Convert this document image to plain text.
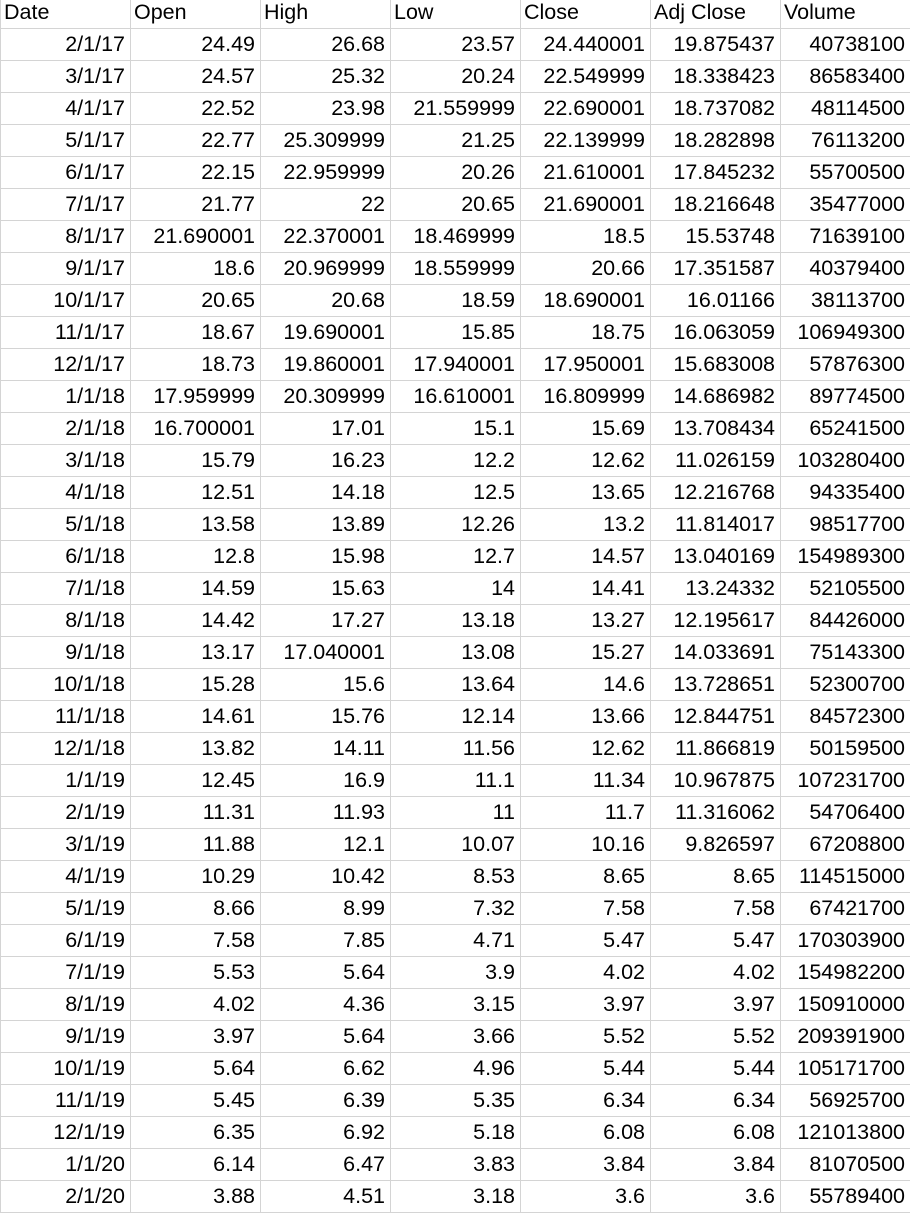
Date	Open	High	Low	Close	Adj Close	Volume
2/1/17	24.49	26.68	23.57	24.440001	19.875437	40738100
3/1/17	24.57	25.32	20.24	22.549999	18.338423	86583400
4/1/17	22.52	23.98	21.559999	22.690001	18.737082	48114500
5/1/17	22.77	25.309999	21.25	22.139999	18.282898	76113200
6/1/17	22.15	22.959999	20.26	21.610001	17.845232	55700500
7/1/17	21.77	22	20.65	21.690001	18.216648	35477000
8/1/17	21.690001	22.370001	18.469999	18.5	15.53748	71639100
9/1/17	18.6	20.969999	18.559999	20.66	17.351587	40379400
10/1/17	20.65	20.68	18.59	18.690001	16.01166	38113700
11/1/17	18.67	19.690001	15.85	18.75	16.063059	106949300
12/1/17	18.73	19.860001	17.940001	17.950001	15.683008	57876300
1/1/18	17.959999	20.309999	16.610001	16.809999	14.686982	89774500
2/1/18	16.700001	17.01	15.1	15.69	13.708434	65241500
3/1/18	15.79	16.23	12.2	12.62	11.026159	103280400
4/1/18	12.51	14.18	12.5	13.65	12.216768	94335400
5/1/18	13.58	13.89	12.26	13.2	11.814017	98517700
6/1/18	12.8	15.98	12.7	14.57	13.040169	154989300
7/1/18	14.59	15.63	14	14.41	13.24332	52105500
8/1/18	14.42	17.27	13.18	13.27	12.195617	84426000
9/1/18	13.17	17.040001	13.08	15.27	14.033691	75143300
10/1/18	15.28	15.6	13.64	14.6	13.728651	52300700
11/1/18	14.61	15.76	12.14	13.66	12.844751	84572300
12/1/18	13.82	14.11	11.56	12.62	11.866819	50159500
1/1/19	12.45	16.9	11.1	11.34	10.967875	107231700
2/1/19	11.31	11.93	11	11.7	11.316062	54706400
3/1/19	11.88	12.1	10.07	10.16	9.826597	67208800
4/1/19	10.29	10.42	8.53	8.65	8.65	114515000
5/1/19	8.66	8.99	7.32	7.58	7.58	67421700
6/1/19	7.58	7.85	4.71	5.47	5.47	170303900
7/1/19	5.53	5.64	3.9	4.02	4.02	154982200
8/1/19	4.02	4.36	3.15	3.97	3.97	150910000
9/1/19	3.97	5.64	3.66	5.52	5.52	209391900
10/1/19	5.64	6.62	4.96	5.44	5.44	105171700
11/1/19	5.45	6.39	5.35	6.34	6.34	56925700
12/1/19	6.35	6.92	5.18	6.08	6.08	121013800
1/1/20	6.14	6.47	3.83	3.84	3.84	81070500
2/1/20	3.88	4.51	3.18	3.6	3.6	55789400
